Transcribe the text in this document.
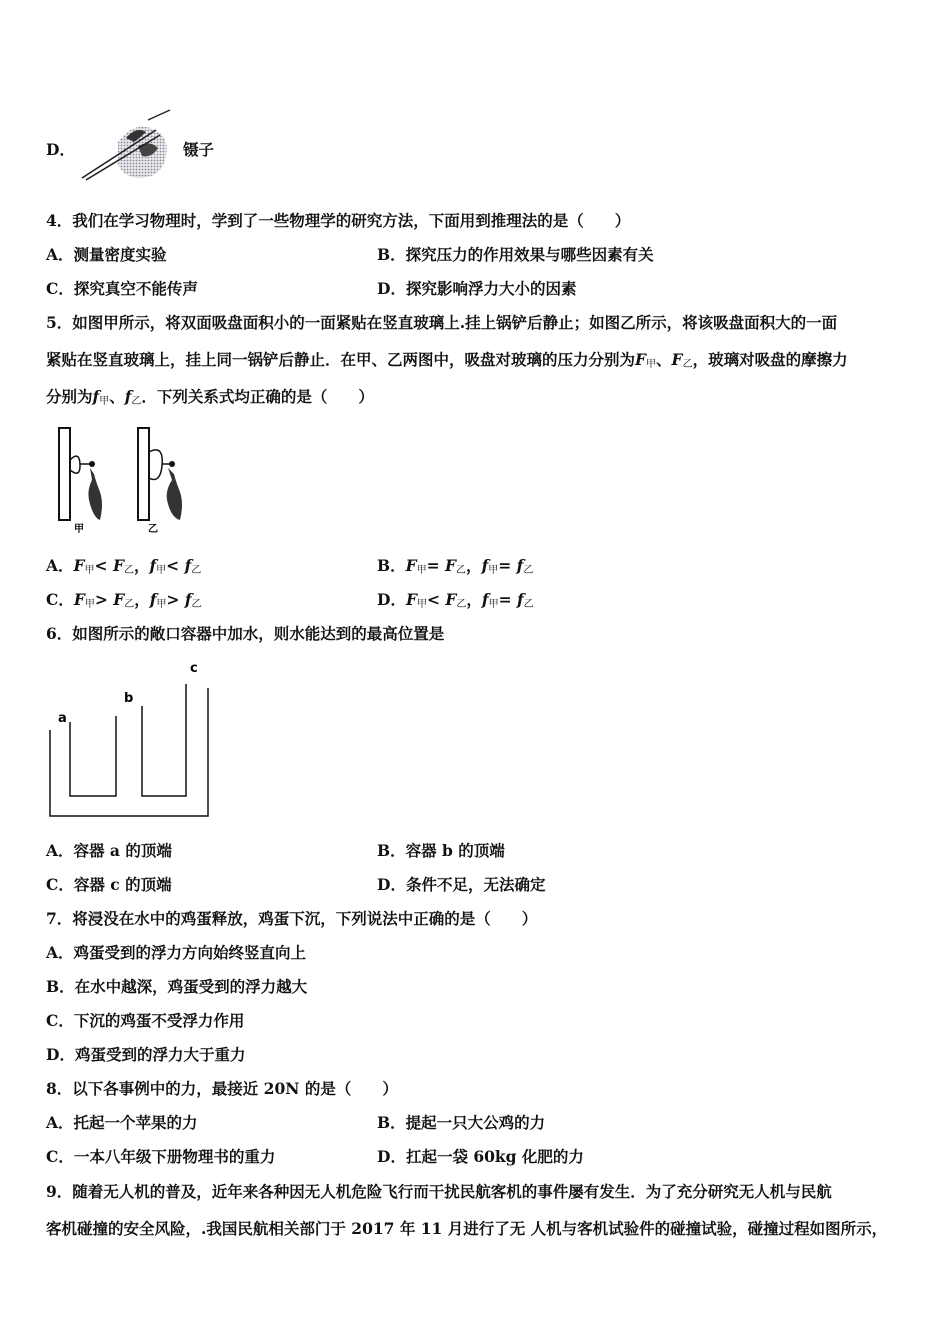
D．	镊子
4．我们在学习物理时，学到了一些物理学的研究方法，下面用到推理法的是（　　）
A．测量密度实验	B．探究压力的作用效果与哪些因素有关
C．探究真空不能传声	D．探究影响浮力大小的因素
5．如图甲所示，将双面吸盘面积小的一面紧贴在竖直玻璃上.挂上锅铲后静止；如图乙所示，将该吸盘面积大的一面
紧贴在竖直玻璃上，挂上同一锅铲后静止．在甲、乙两图中，吸盘对玻璃的压力分别为$F_甲$、$F_乙$，玻璃对吸盘的摩擦力
分别为$f_甲$、$f_乙$．下列关系式均正确的是（　　）
甲	乙
A．$F_甲< F_乙$，$f_甲< f_乙$	B．$F_甲= F_乙$，$f_甲= f_乙$
C．$F_甲> F_乙$，$f_甲> f_乙$	D．$F_甲< F_乙$，$f_甲= f_乙$
6．如图所示的敞口容器中加水，则水能达到的最高位置是
a
b
c
A．容器 a 的顶端	B．容器 b 的顶端
C．容器 c 的顶端	D．条件不足，无法确定
7．将浸没在水中的鸡蛋释放，鸡蛋下沉，下列说法中正确的是（　　）
A．鸡蛋受到的浮力方向始终竖直向上
B．在水中越深，鸡蛋受到的浮力越大
C．下沉的鸡蛋不受浮力作用
D．鸡蛋受到的浮力大于重力
8．以下各事例中的力，最接近 20N 的是（　　）
A．托起一个苹果的力	B．提起一只大公鸡的力
C．一本八年级下册物理书的重力	D．扛起一袋 60kg 化肥的力
9．随着无人机的普及，近年来各种因无人机危险飞行而干扰民航客机的事件屡有发生．为了充分研究无人机与民航
客机碰撞的安全风险，.我国民航相关部门于 2017 年 11 月进行了无 人机与客机试验件的碰撞试验，碰撞过程如图所示，
